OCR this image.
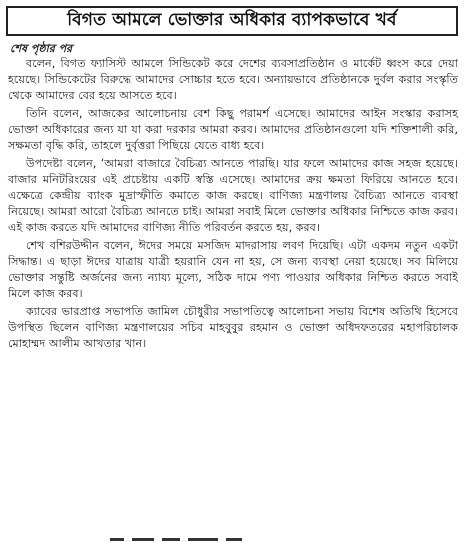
বিগত আমলে ভোক্তার অধিকার ব্যাপকভাবে খর্ব
শেষ পৃষ্ঠার পর

বলেন, বিগত ফ্যাসিস্ট আমলে সিন্ডিকেট করে দেশের ব্যবসাপ্রতিষ্ঠান ও মার্কেট ধ্বংস করে দেয়া হয়েছে। সিন্ডিকেটের বিরুদ্ধে আমাদের সোচ্চার হতে হবে। অন্যায়ভাবে প্রতিষ্ঠানকে দুর্বল করার সংস্কৃতি থেকে আমাদের বের হয়ে আসতে হবে।

তিনি বলেন, আজকের আলোচনায় বেশ কিছু পরামর্শ এসেছে। আমাদের আইন সংস্কার করাসহ ভোক্তা অধিকারের জন্য যা যা করা দরকার আমরা করব। আমাদের প্রতিষ্ঠানগুলো যদি শক্তিশালী করি, সক্ষমতা বৃদ্ধি করি, তাহলে দুর্বৃত্তরা পিছিয়ে যেতে বাধ্য হবে।

উপদেষ্টা বলেন, ‘আমরা বাজারে বৈচিত্র্য আনতে পারছি। যার ফলে আমাদের কাজ সহজ হয়েছে। বাজার মনিটরিংয়ের এই প্রচেষ্টায় একটি স্বস্তি এসেছে। আমাদের ক্রয় ক্ষমতা ফিরিয়ে আনতে হবে। এক্ষেত্রে কেন্দ্রীয় ব্যাংক মুদ্রাস্ফীতি কমাতে কাজ করছে। বাণিজ্য মন্ত্রণালয় বৈচিত্র্য আনতে ব্যবস্থা নিয়েছে। আমরা আরো বৈচিত্র্য আনতে চাই। আমরা সবাই মিলে ভোক্তার অধিকার নিশ্চিতে কাজ করব। এই কাজ করতে যদি আমাদের বাণিজ্য নীতি পরিবর্তন করতে হয়, করব।

শেখ বশিরউদ্দীন বলেন, ঈদের সময়ে মসজিদ মাদরাসায় লবণ দিয়েছি। এটা একদম নতুন একটা সিদ্ধান্ত। এ ছাড়া ঈদের যাত্রায় যাত্রী হয়রানি যেন না হয়, সে জন্য ব্যবস্থা নেয়া হয়েছে। সব মিলিয়ে ভোক্তার সন্তুষ্টি অর্জনের জন্য ন্যায্য মূল্যে, সঠিক দামে পণ্য পাওয়ার অধিকার নিশ্চিত করতে সবাই মিলে কাজ করব।

ক্যাবের ভারপ্রাপ্ত সভাপতি জামিল চৌধুরীর সভাপতিত্বে আলোচনা সভায় বিশেষ অতিথি হিসেবে উপস্থিত ছিলেন বাণিজ্য মন্ত্রণালয়ের সচিব মাহবুবুর রহমান ও ভোক্তা অধিদফতরের মহাপরিচালক মোহাম্মদ আলীম আখতার খান।
